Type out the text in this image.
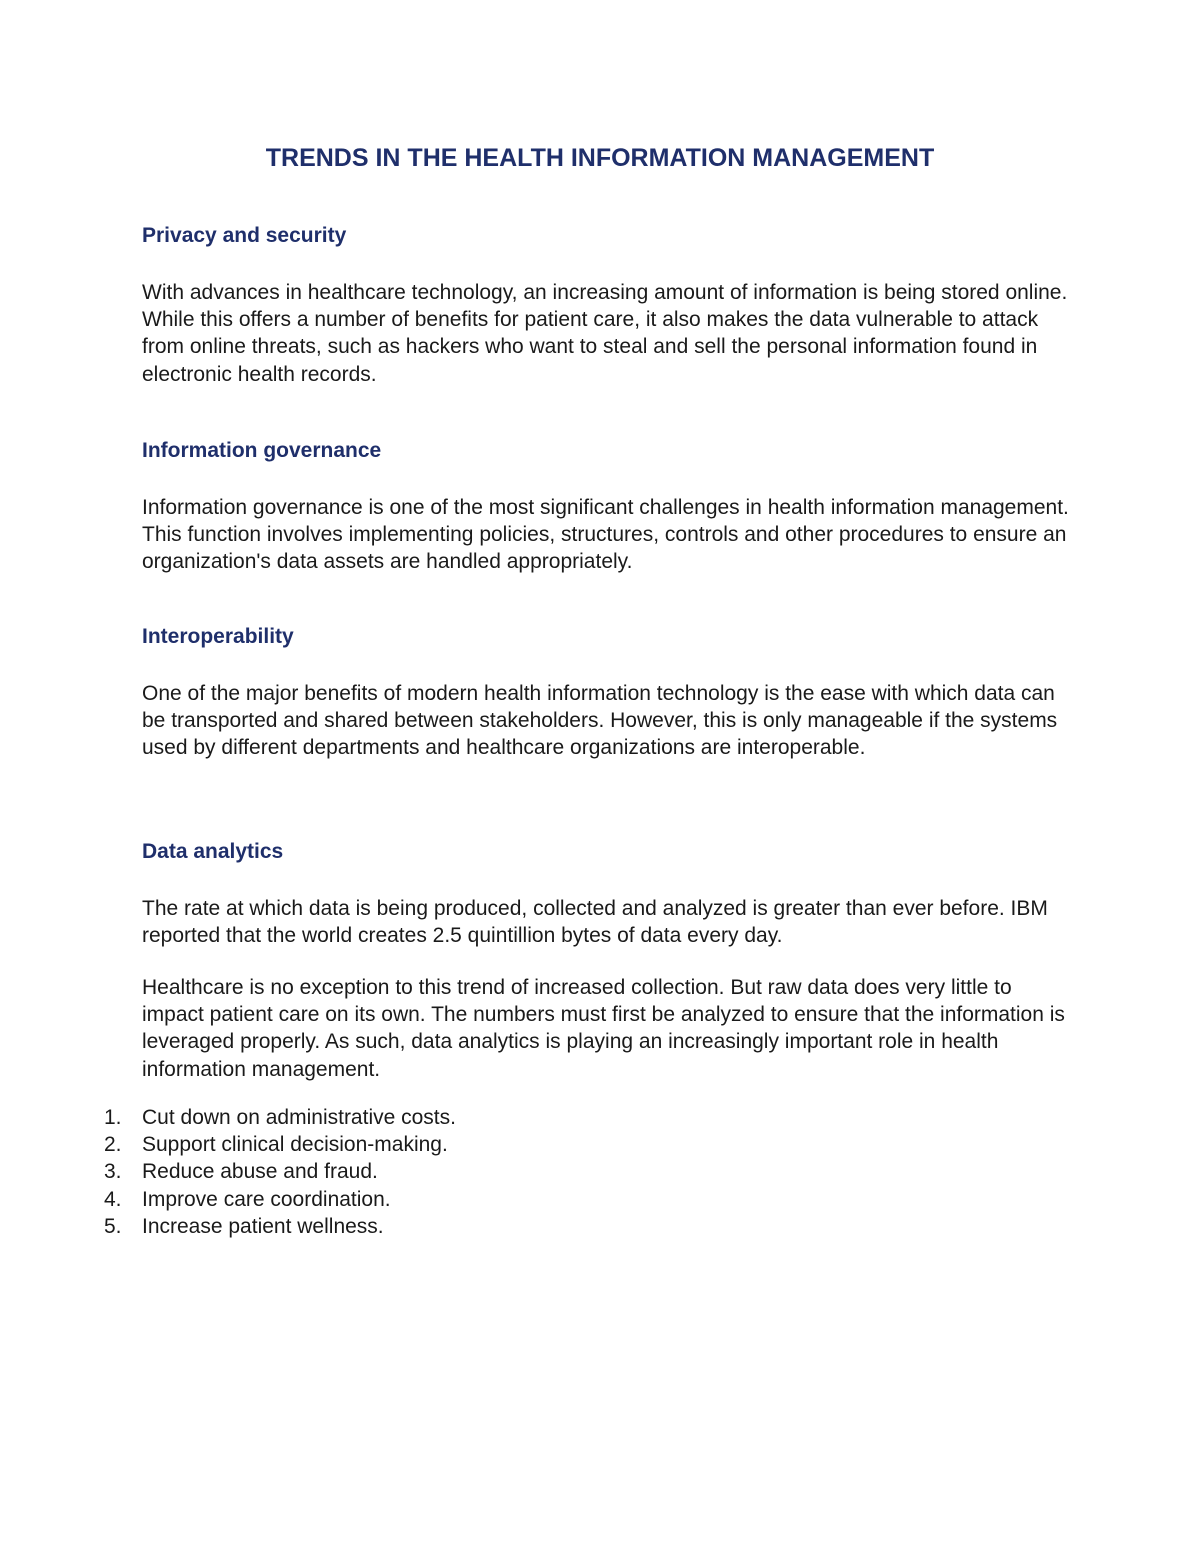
TRENDS IN THE HEALTH INFORMATION MANAGEMENT
Privacy and security

With advances in healthcare technology, an increasing amount of information is being stored online. While this offers a number of benefits for patient care, it also makes the data vulnerable to attack from online threats, such as hackers who want to steal and sell the personal information found in electronic health records.

Information governance

Information governance is one of the most significant challenges in health information management. This function involves implementing policies, structures, controls and other procedures to ensure an organization's data assets are handled appropriately.

Interoperability

One of the major benefits of modern health information technology is the ease with which data can be transported and shared between stakeholders. However, this is only manageable if the systems used by different departments and healthcare organizations are interoperable.

Data analytics

The rate at which data is being produced, collected and analyzed is greater than ever before. IBM reported that the world creates 2.5 quintillion bytes of data every day.

Healthcare is no exception to this trend of increased collection. But raw data does very little to impact patient care on its own. The numbers must first be analyzed to ensure that the information is leveraged properly. As such, data analytics is playing an increasingly important role in health information management.

1. Cut down on administrative costs.
2. Support clinical decision-making.
3. Reduce abuse and fraud.
4. Improve care coordination.
5. Increase patient wellness.
